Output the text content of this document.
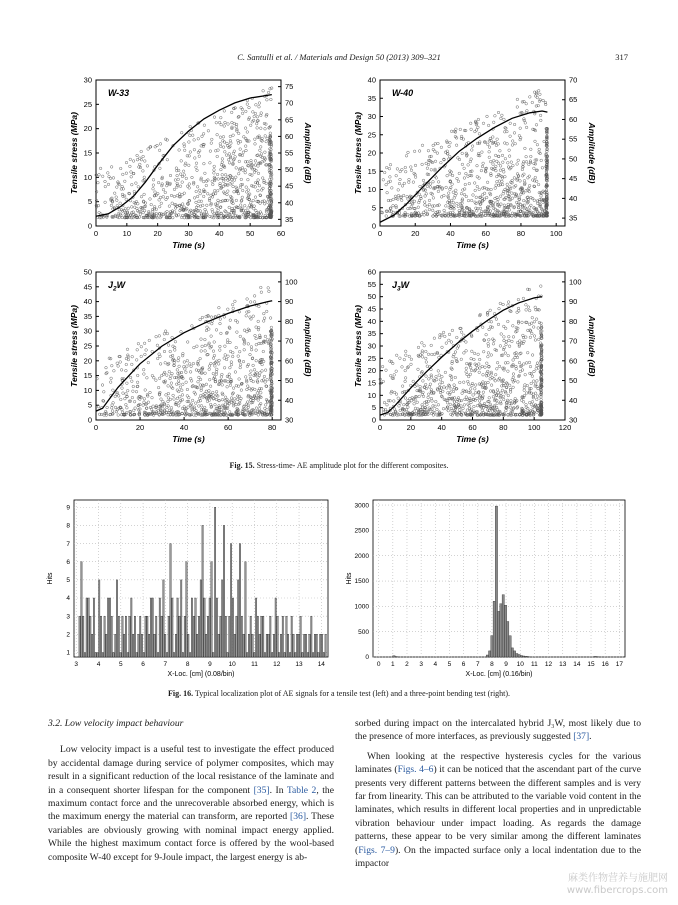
C. Santulli et al. / Materials and Design 50 (2013) 309–321	317
0	10	20	30	40	50	60
0
5
10
15
20
25
30
35
40
45
50
55
60
65
70
75
Time (s)
Tensile stress (MPa)	Amplitude (dB)
W-33
0	20	40	60	80	100
0
5
10
15
20
25
30
35
40
35
40
45
50
55
60
65
70
Time (s)
Tensile stress (MPa)	Amplitude (dB)
W-40
0	20	40	60	80
0
5
10
15
20
25
30
35
40
45
50
30
40
50
60
70
80
90
100
Time (s)
Tensile stress (MPa)	Amplitude (dB)
$J_2W$
0	20	40	60	80	100 120
0
5
10
15
20
25
30
35
40
45
50
55
60
30
40
50
60
70
80
90
100
Time (s)
Tensile stress (MPa)	Amplitude (dB)
$J_3W$
Fig. 15. Stress-time- AE amplitude plot for the different composites.
3	4	5	6	7	8	9	10 11 12 13 14
1
2
3
4
5
6
7
8
9
X-Loc. [cm] (0.08/bin)
Hits
0 1 2 3 4 5 6 7 8 9 10 11 12 13 14 15 16 17
0
500
1000
1500
2000
2500
3000
X-Loc. [cm] (0.16/bin)
Hits
Fig. 16. Typical localization plot of AE signals for a tensile test (left) and a three-point bending test (right).

3.2. Low velocity impact behaviour

Low velocity impact is a useful test to investigate the effect produced by accidental damage during service of polymer composites, which may result in a significant reduction of the local resistance of the laminate and in a consequent shorter lifespan for the component [35]. In Table 2, the maximum contact force and the unrecoverable absorbed energy, which is the maximum energy the material can transform, are reported [36]. These variables are obviously growing with nominal impact energy applied. While the highest maximum contact force is offered by the wool-based composite W-40 except for 9-Joule impact, the largest energy is ab-

sorbed during impact on the intercalated hybrid J₃W, most likely due to the presence of more interfaces, as previously suggested [37].

When looking at the respective hysteresis cycles for the various laminates (Figs. 4–6) it can be noticed that the ascendant part of the curve presents very different patterns between the different samples and is very far from linearity. This can be attributed to the variable void content in the laminates, which results in different local properties and in unpredictable vibration behaviour under impact loading. As regards the damage patterns, these appear to be very similar among the different laminates (Figs. 7–9). On the impacted surface only a local indentation due to the impactor

麻类作物营养与施肥网
www.fibercrops.com
